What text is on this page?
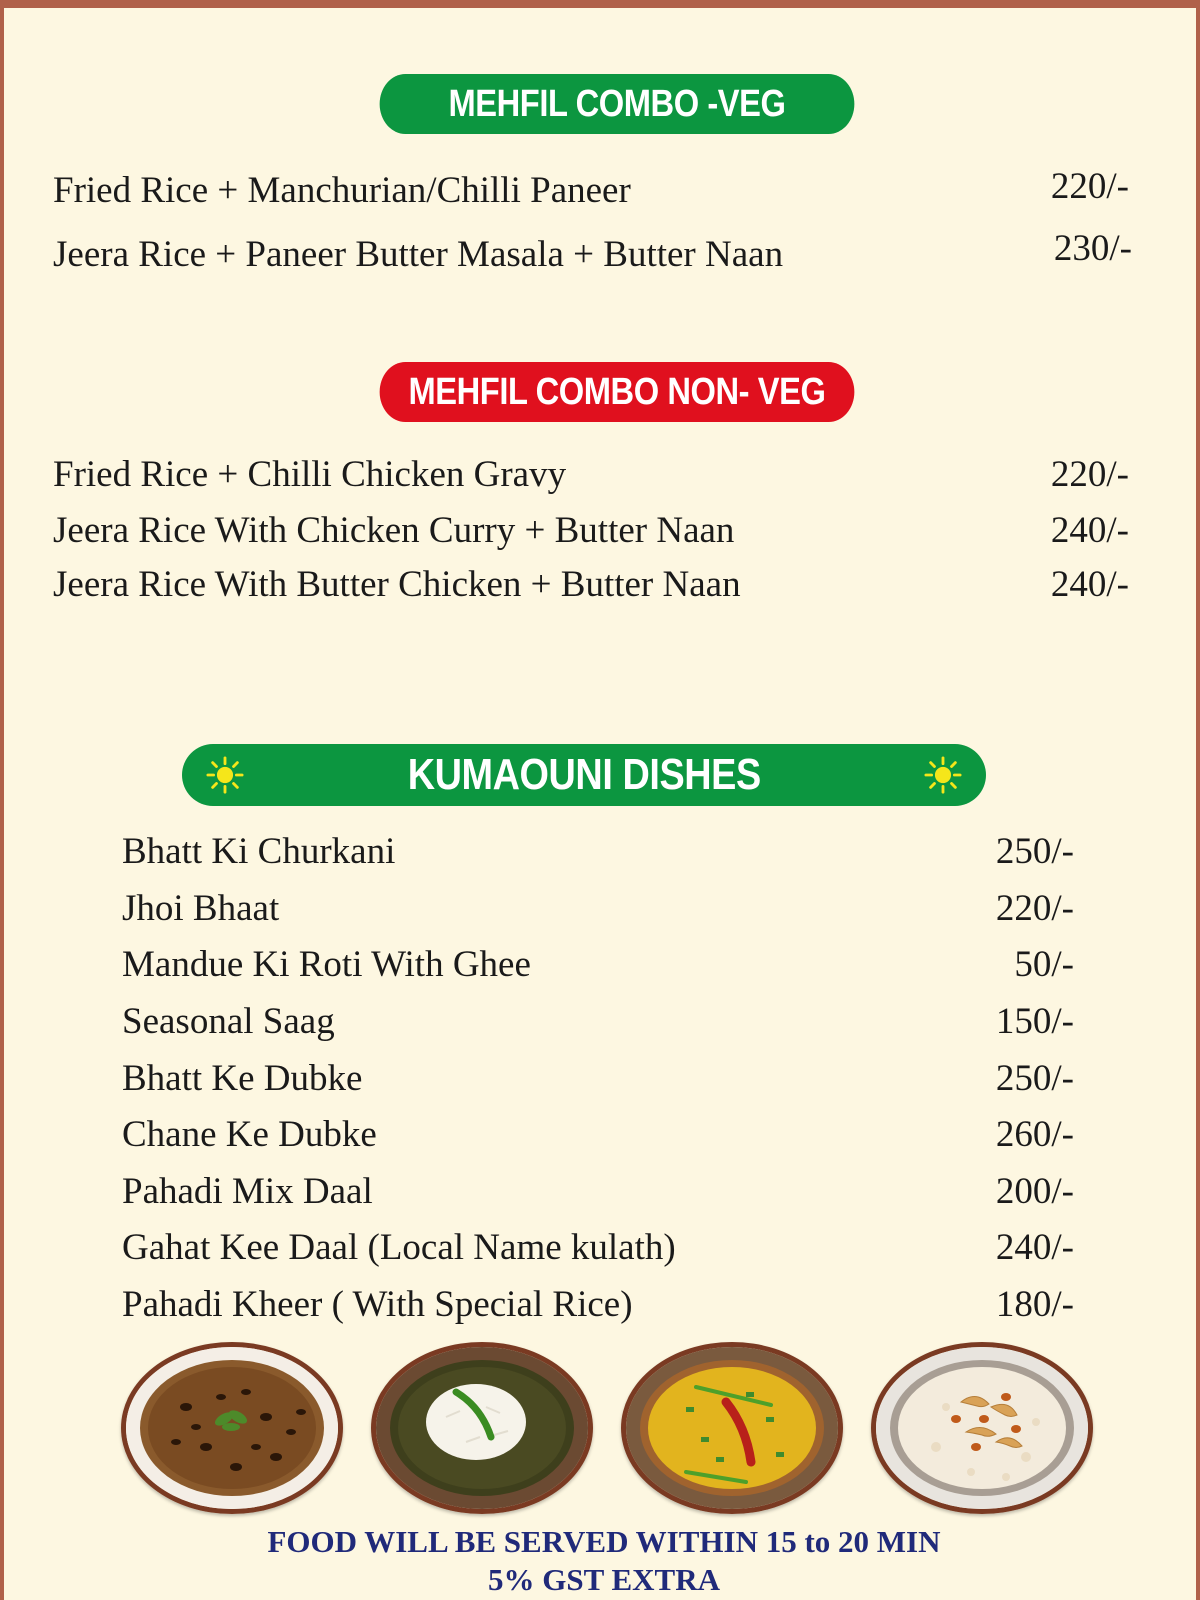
MEHFIL COMBO -VEG
Fried Rice + Manchurian/Chilli Paneer	220/-
Jeera Rice + Paneer Butter Masala + Butter Naan	230/-
MEHFIL COMBO NON- VEG
Fried Rice + Chilli Chicken Gravy	220/-
Jeera Rice With Chicken Curry + Butter Naan	240/-
Jeera Rice With Butter Chicken + Butter Naan	240/-
KUMAOUNI DISHES
Bhatt Ki Churkani	250/-
Jhoi Bhaat	220/-
Mandue Ki Roti With Ghee	50/-
Seasonal Saag	150/-
Bhatt Ke Dubke	250/-
Chane Ke Dubke	260/-
Pahadi Mix Daal	200/-
Gahat Kee Daal (Local Name kulath)	240/-
Pahadi Kheer ( With Special Rice)	180/-
FOOD WILL BE SERVED WITHIN 15 to 20 MIN
5% GST EXTRA
